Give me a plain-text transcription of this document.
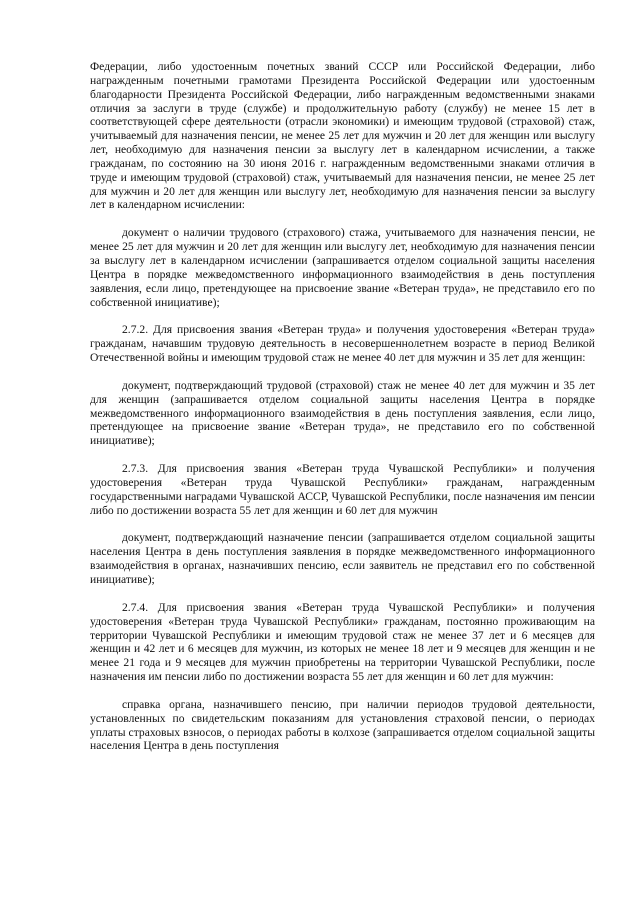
Федерации, либо удостоенным почетных званий СССР или Российской Федерации, либо награжденным почетными грамотами Президента Российской Федерации или удостоенным благодарности Президента Российской Федерации, либо награжденным ведомственными знаками отличия за заслуги в труде (службе) и продолжительную работу (службу) не менее 15 лет в соответствующей сфере деятельности (отрасли экономики) и имеющим трудовой (страховой) стаж, учитываемый для назначения пенсии, не менее 25 лет для мужчин и 20 лет для женщин или выслугу лет, необходимую для назначения пенсии за выслугу лет в календарном исчислении, а также гражданам, по состоянию на 30 июня 2016 г. награжденным ведомственными знаками отличия в труде и имеющим трудовой (страховой) стаж, учитываемый для назначения пенсии, не менее 25 лет для мужчин и 20 лет для женщин или выслугу лет, необходимую для назначения пенсии за выслугу лет в календарном исчислении:

документ о наличии трудового (страхового) стажа, учитываемого для назначения пенсии, не менее 25 лет для мужчин и 20 лет для женщин или выслугу лет, необходимую для назначения пенсии за выслугу лет в календарном исчислении (запрашивается отделом социальной защиты населения Центра в порядке межведомственного информационного взаимодействия в день поступления заявления, если лицо, претендующее на присвоение звание «Ветеран труда», не представило его по собственной инициативе);

2.7.2. Для присвоения звания «Ветеран труда» и получения удостоверения «Ветеран труда» гражданам, начавшим трудовую деятельность в несовершеннолетнем возрасте в период Великой Отечественной войны и имеющим трудовой стаж не менее 40 лет для мужчин и 35 лет для женщин:

документ, подтверждающий трудовой (страховой) стаж не менее 40 лет для мужчин и 35 лет для женщин (запрашивается отделом социальной защиты населения Центра в порядке межведомственного информационного взаимодействия в день поступления заявления, если лицо, претендующее на присвоение звание «Ветеран труда», не представило его по собственной инициативе);

2.7.3. Для присвоения звания «Ветеран труда Чувашской Республики» и получения удостоверения «Ветеран труда Чувашской Республики» гражданам, награжденным государственными наградами Чувашской АССР, Чувашской Республики, после назначения им пенсии либо по достижении возраста 55 лет для женщин и 60 лет для мужчин

документ, подтверждающий назначение пенсии (запрашивается отделом социальной защиты населения Центра в день поступления заявления в порядке межведомственного информационного взаимодействия в органах, назначивших пенсию, если заявитель не представил его по собственной инициативе);

2.7.4. Для присвоения звания «Ветеран труда Чувашской Республики» и получения удостоверения «Ветеран труда Чувашской Республики» гражданам, постоянно проживающим на территории Чувашской Республики и имеющим трудовой стаж не менее 37 лет и 6 месяцев для женщин и 42 лет и 6 месяцев для мужчин, из которых не менее 18 лет и 9 месяцев для женщин и не менее 21 года и 9 месяцев для мужчин приобретены на территории Чувашской Республики, после назначения им пенсии либо по достижении возраста 55 лет для женщин и 60 лет для мужчин:

справка органа, назначившего пенсию, при наличии периодов трудовой деятельности, установленных по свидетельским показаниям для установления страховой пенсии, о периодах уплаты страховых взносов, о периодах работы в колхозе (запрашивается отделом социальной защиты населения Центра в день поступления
